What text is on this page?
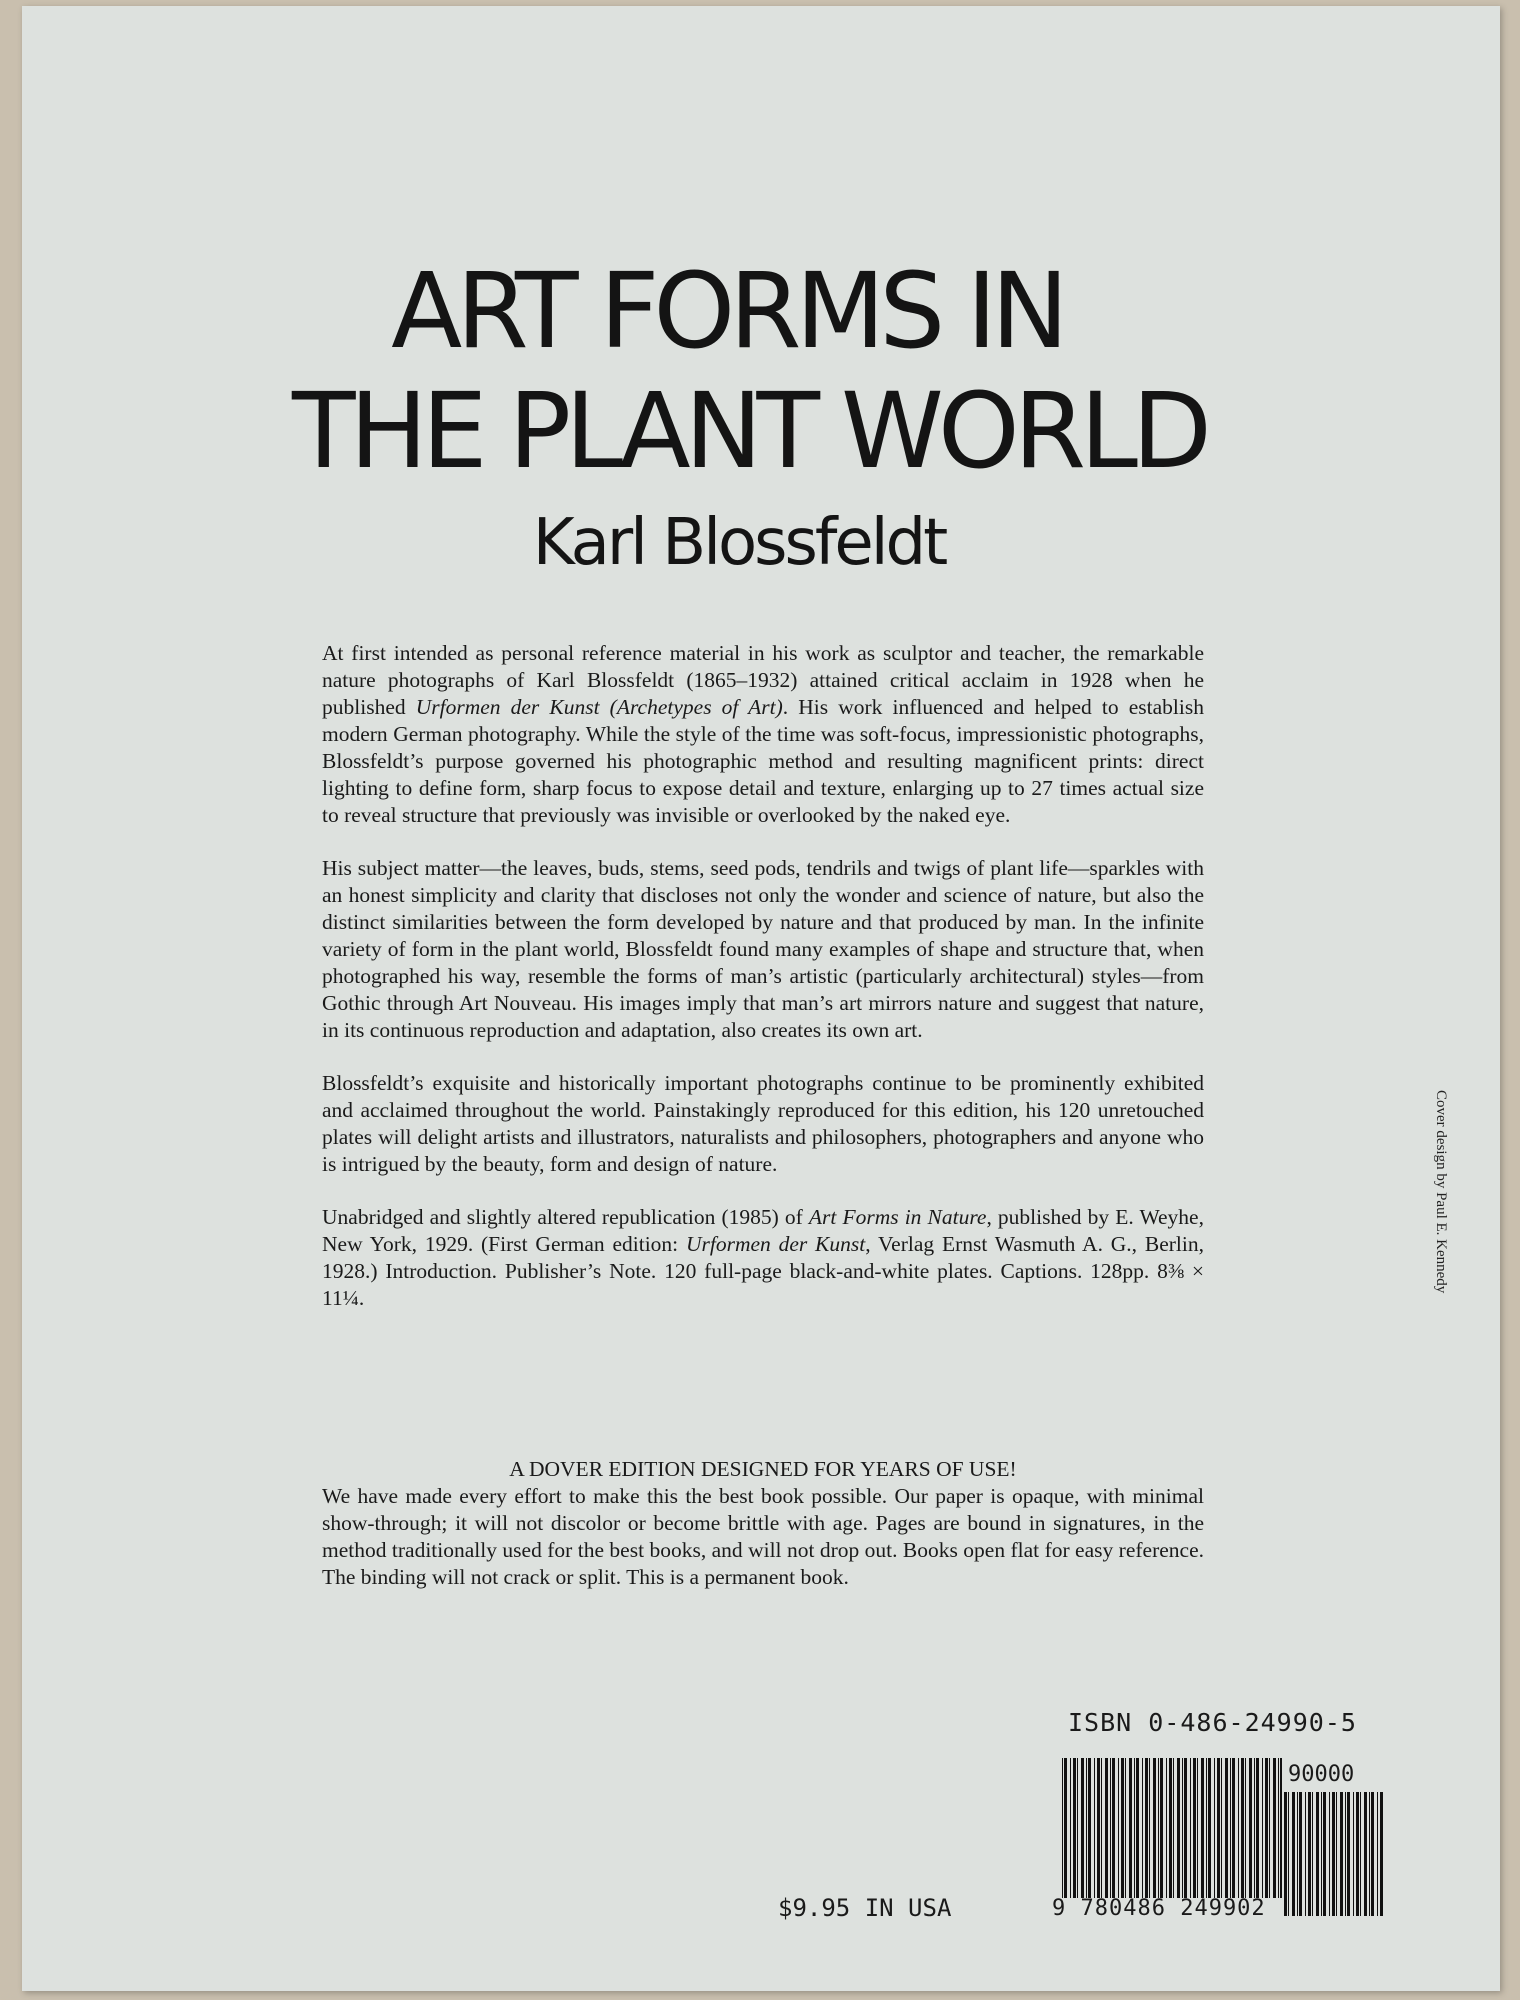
ART FORMS IN
THE PLANT WORLD
Karl Blossfeldt

At first intended as personal reference material in his work as sculptor and teacher, the remarkable nature photographs of Karl Blossfeldt (1865–1932) attained critical acclaim in 1928 when he published Urformen der Kunst (Archetypes of Art). His work influenced and helped to establish modern German photography. While the style of the time was soft-focus, impressionistic photographs, Blossfeldt’s purpose governed his photographic method and resulting magnificent prints: direct lighting to define form, sharp focus to expose detail and texture, enlarging up to 27 times actual size to reveal structure that previously was invisible or overlooked by the naked eye.

His subject matter—the leaves, buds, stems, seed pods, tendrils and twigs of plant life—sparkles with an honest simplicity and clarity that discloses not only the wonder and science of nature, but also the distinct similarities between the form developed by nature and that produced by man. In the infinite variety of form in the plant world, Blossfeldt found many examples of shape and structure that, when photographed his way, resemble the forms of man’s artistic (particularly architectural) styles—from Gothic through Art Nouveau. His images imply that man’s art mirrors nature and suggest that nature, in its continuous reproduction and adaptation, also creates its own art.

Blossfeldt’s exquisite and historically important photographs continue to be prominently exhibited and acclaimed throughout the world. Painstakingly reproduced for this edition, his 120 unretouched plates will delight artists and illustrators, naturalists and philosophers, photographers and anyone who is intrigued by the beauty, form and design of nature.

Unabridged and slightly altered republication (1985) of Art Forms in Nature, published by E. Weyhe, New York, 1929. (First German edition: Urformen der Kunst, Verlag Ernst Wasmuth A. G., Berlin, 1928.) Introduction. Publisher’s Note. 120 full-page black-and-white plates. Captions. 128pp. 8⅜ × 11¼.

A DOVER EDITION DESIGNED FOR YEARS OF USE!
We have made every effort to make this the best book possible. Our paper is opaque, with minimal show-through; it will not discolor or become brittle with age. Pages are bound in signatures, in the method traditionally used for the best books, and will not drop out. Books open flat for easy reference. The binding will not crack or split. This is a permanent book.
Cover design by Paul E. Kennedy
ISBN 0-486-24990-5
90000
9 780486 249902
$9.95 IN USA
